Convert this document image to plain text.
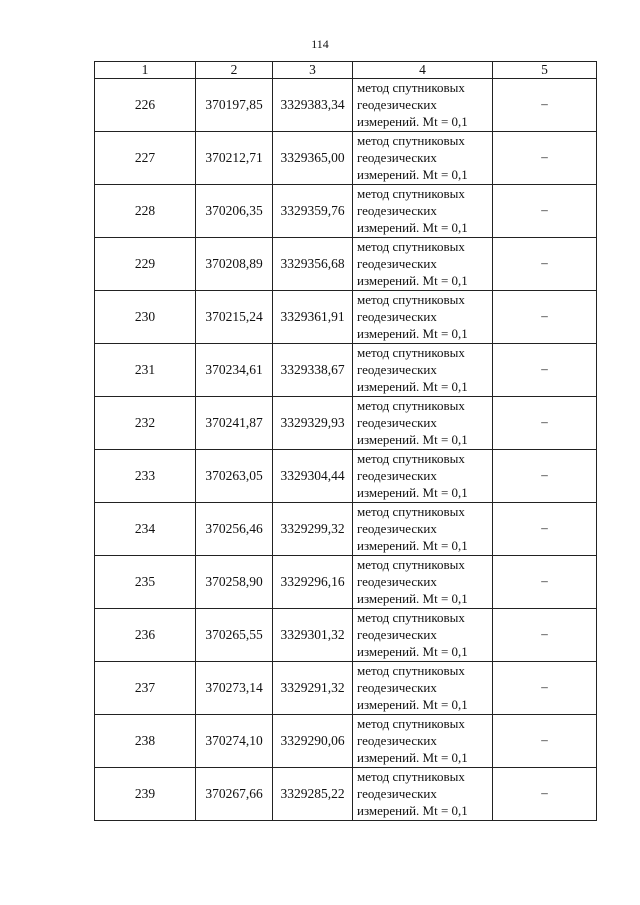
114
1	2	3	4	5
226	370197,85	3329383,34	метод спутниковых геодезических измерений. Mt = 0,1	–
227	370212,71	3329365,00	метод спутниковых геодезических измерений. Mt = 0,1	–
228	370206,35	3329359,76	метод спутниковых геодезических измерений. Mt = 0,1	–
229	370208,89	3329356,68	метод спутниковых геодезических измерений. Mt = 0,1	–
230	370215,24	3329361,91	метод спутниковых геодезических измерений. Mt = 0,1	–
231	370234,61	3329338,67	метод спутниковых геодезических измерений. Mt = 0,1	–
232	370241,87	3329329,93	метод спутниковых геодезических измерений. Mt = 0,1	–
233	370263,05	3329304,44	метод спутниковых геодезических измерений. Mt = 0,1	–
234	370256,46	3329299,32	метод спутниковых геодезических измерений. Mt = 0,1	–
235	370258,90	3329296,16	метод спутниковых геодезических измерений. Mt = 0,1	–
236	370265,55	3329301,32	метод спутниковых геодезических измерений. Mt = 0,1	–
237	370273,14	3329291,32	метод спутниковых геодезических измерений. Mt = 0,1	–
238	370274,10	3329290,06	метод спутниковых геодезических измерений. Mt = 0,1	–
239	370267,66	3329285,22	метод спутниковых геодезических измерений. Mt = 0,1	–
